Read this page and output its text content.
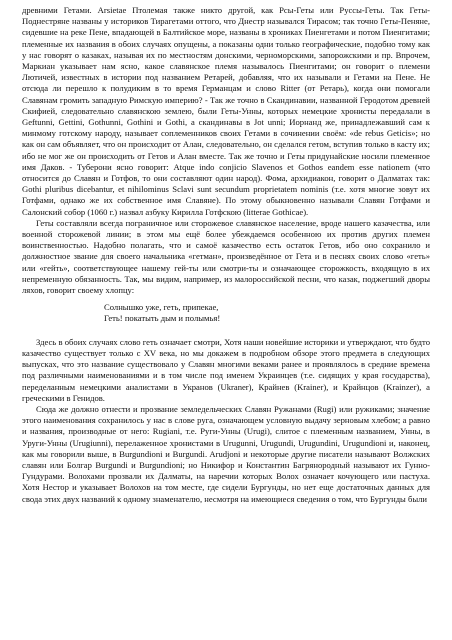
древними Гетами. Arsietae Птолемая также никто другой, как Рсы-Геты или Руссы-Геты. Так Геты-Поднестряне названы у историков Тирагетами оттого, что Днестр назывался Тирасом; так точно Геты-Пеняне, сидевшие на реке Пене, впадающей в Балтийское море, названы в хрониках Пиенгетами и потом Пиенгитами; племенные их названия в обоих случаях опущены, а показаны одни только географические, подобно тому как у нас говорят о казаках, называя их по местностям донскими, черноморскими, запорожскими и пр. Впрочем, Маркиан указывает нам ясно, какое славянское племя называлось Пиенгитами; он говорит о племени Лютичей, известных в истории под названием Ретарей, добавляя, что их называли и Гетами на Пене. Не отсюда ли перешло к полудиким в то время Германцам и слово Ritter (от Ретарь), когда они помогали Славянам громить западную Римскую империю? - Так же точно в Скандинавии, названной Геродотом древней Скифией, следовательно славянскою землею, были Геты-Унны, которых немецкие хронисты передалали в Geftunni, Gettini, Gothunni, Gothini и Gothi, а скандинавы в Jot unni; Иорнанд же, принадлежавший сам к минмому готскому народу, называет соплеменников своих Гетами в сочинении своём: «de rebus Geticis»; но как он сам объявляет, что он происходит от Алан, следовательно, он сделался гетом, вступив только в касту их; ибо не мог же он происходить от Гетов и Алан вместе. Так же точно и Геты придунайские носили племенное имя Даков. - Туберони ясно говорит: Atque indo conjicio Slavenos et Gothos eandem esse nationem (что относится до Славян и Готфов, то они составляют один народ). Фома, архидиакон, говорит о Далматах так: Gothi pluribus dicebantur, et nihilominus Sclavi sunt secundum proprietatem nominis (т.е. хотя многие зовут их Готфами, однако же их собственное имя Славяне). По этому обыкновенно называли Славян Готфами и Салонский собор (1060 г.) назвал азбуку Кирилла Готфскою (litterae Gothicae).

Геты составляли всегда пограничное или сторожевое славянское население, вроде нашего казачества, или военной сторожевой линии; в этом мы ещё более убеждаемся особенною их против других племен воинственностью. Надобно полагать, что и самоё казачество есть остаток Гетов, ибо оно сохранило и должностное звание для своего начальника «гетман», произведённое от Гета и в песнях своих слово «геть» или «гейть», соответствующее нашему гей-ты или смотри-ты и означающее сторожкость, входящую в их непременную обязанность. Так, мы видим, например, из малороссийской песни, что казак, поджегший дворы ляхов, говорит своему хлопцу:

Солнышко уже, геть, припекае,
Геть! покатыть дым и полымья!

Здесь в обоих случаях слово геть означает смотри, Хотя наши новейшие историки и утверждают, что будто казачество существует только с XV века, но мы докажем в подробном обзоре этого предмета в следующих выпусках, что это название существовало у Славян многими веками ранее и проявлялось в средние времена под различными наименованиями и в том числе под именем Украинцев (т.е. сидящих у края государства), переделанным немецкими аналистами в Укранов (Ukraner), Крайнев (Krainer), и Крайнцов (Krainzer), а греческими в Генидов.

Сюда же должно отнести и прозвание земледельческих Славян Ружанами (Rugi) или ружиками; значение этого наименования сохранилось у нас в слове руга, означающем условную выдачу зерновым хлебом; а равно и названия, производные от него: Rugiani, т.е. Руги-Унны (Urugi), слитое с племенным названием, Унны, в Уруги-Унны (Urugiunni), перелаженное хронистами в Urugunni, Urugundi, Urugundini, Urugundioni и, наконец, как мы говорили выше, в Burgundioni и Burgundi. Arudjoni и некоторые другие писатели называют Волжских славян или Болгар Burgundi и Burgundioni; но Никифор и Константин Багрянородный называют их Гунно-Гундурами. Волохами прозвали их Далматы, на наречии которых Волох означает кочующего или пастуха. Хотя Нестор и указывает Волохов на том месте, где сидели Бургунды, но нет еще достаточных данных для свода этих двух названий к одному знаменателю, несмотря на имеющиеся сведения о том, что Бургунды были
